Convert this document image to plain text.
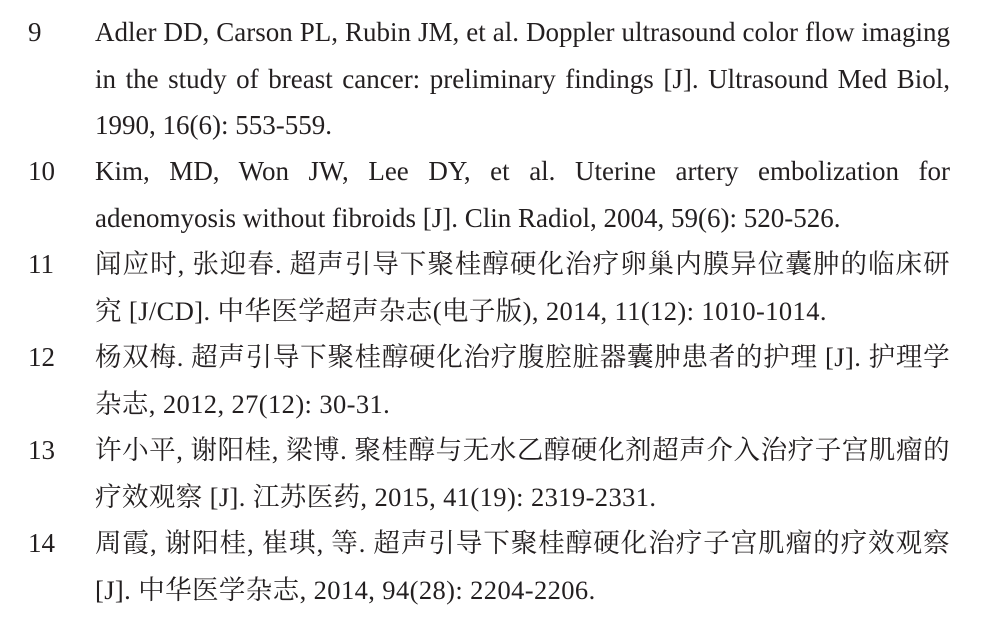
9 Adler DD, Carson PL, Rubin JM, et al. Doppler ultrasound color flow imaging in the study of breast cancer: preliminary findings [J]. Ultrasound Med Biol, 1990, 16(6): 553-559.
10 Kim, MD, Won JW, Lee DY, et al. Uterine artery embolization for adenomyosis without fibroids [J]. Clin Radiol, 2004, 59(6): 520-526.
11 闻应时, 张迎春. 超声引导下聚桂醇硬化治疗卵巢内膜异位囊肿的临床研究 [J/CD]. 中华医学超声杂志(电子版), 2014, 11(12): 1010-1014.
12 杨双梅. 超声引导下聚桂醇硬化治疗腹腔脏器囊肿患者的护理 [J]. 护理学杂志, 2012, 27(12): 30-31.
13 许小平, 谢阳桂, 梁博. 聚桂醇与无水乙醇硬化剂超声介入治疗子宫肌瘤的疗效观察 [J]. 江苏医药, 2015, 41(19): 2319-2331.
14 周霞, 谢阳桂, 崔琪, 等. 超声引导下聚桂醇硬化治疗子宫肌瘤的疗效观察 [J]. 中华医学杂志, 2014, 94(28): 2204-2206.
